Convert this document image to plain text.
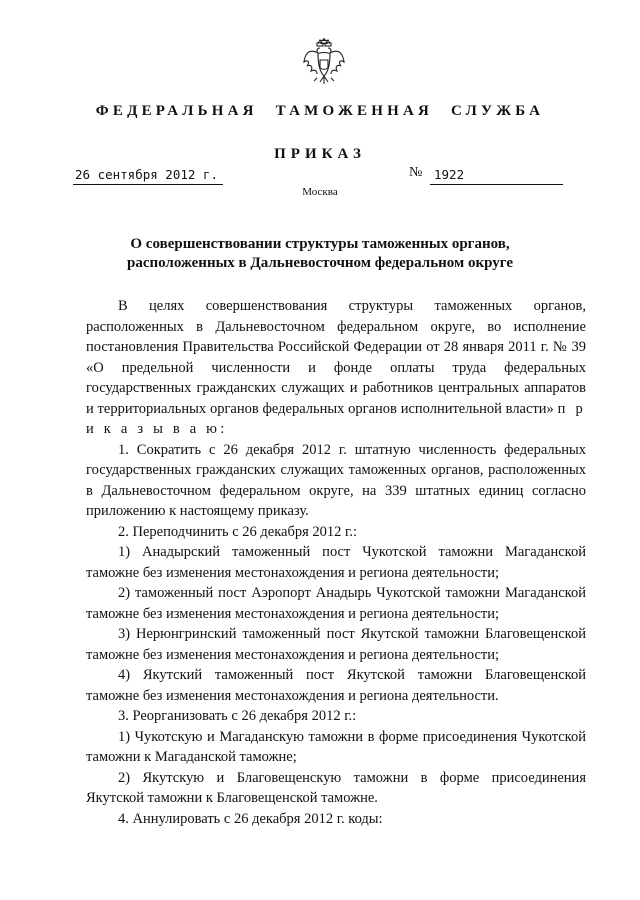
ФЕДЕРАЛЬНАЯ ТАМОЖЕННАЯ СЛУЖБА
ПРИКАЗ
26 сентября 2012 г.	№ 1922
Москва
О совершенствовании структуры таможенных органов,
расположенных в Дальневосточном федеральном округе

В целях совершенствования структуры таможенных органов, расположенных в Дальневосточном федеральном округе, во исполнение постановления Правительства Российской Федерации от 28 января 2011 г. № 39 «О предельной численности и фонде оплаты труда федеральных государственных гражданских служащих и работников центральных аппаратов и территориальных органов федеральных органов исполнительной власти» п р и к а з ы в а ю:

1. Сократить с 26 декабря 2012 г. штатную численность федеральных государственных гражданских служащих таможенных органов, расположенных в Дальневосточном федеральном округе, на 339 штатных единиц согласно приложению к настоящему приказу.

2. Переподчинить с 26 декабря 2012 г.:

1) Анадырский таможенный пост Чукотской таможни Магаданской таможне без изменения местонахождения и региона деятельности;

2) таможенный пост Аэропорт Анадырь Чукотской таможни Магаданской таможне без изменения местонахождения и региона деятельности;

3) Нерюнгринский таможенный пост Якутской таможни Благовещенской таможне без изменения местонахождения и региона деятельности;

4) Якутский таможенный пост Якутской таможни Благовещенской таможне без изменения местонахождения и региона деятельности.

3. Реорганизовать с 26 декабря 2012 г.:

1) Чукотскую и Магаданскую таможни в форме присоединения Чукотской таможни к Магаданской таможне;

2) Якутскую и Благовещенскую таможни в форме присоединения Якутской таможни к Благовещенской таможне.

4. Аннулировать с 26 декабря 2012 г. коды:
